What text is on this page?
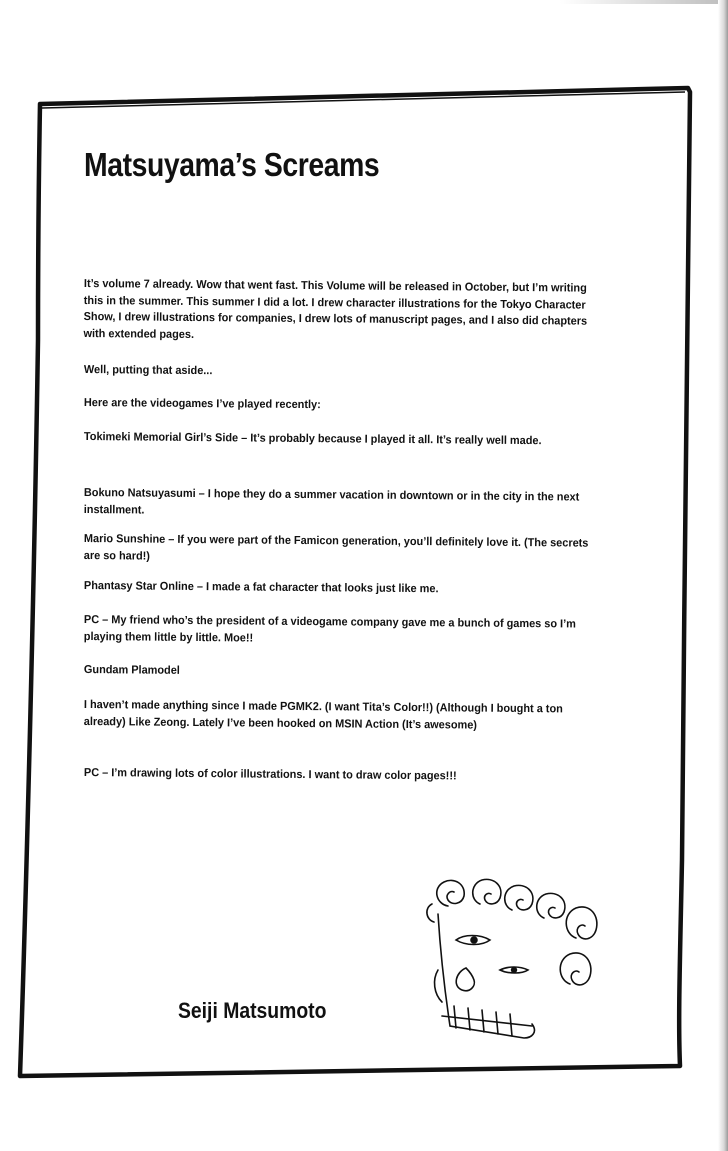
Matsuyama’s Screams

It’s volume 7 already. Wow that went fast. This Volume will be released in October, but I’m writing this in the summer. This summer I did a lot. I drew character illustrations for the Tokyo Character Show, I drew illustrations for companies, I drew lots of manuscript pages, and I also did chapters with extended pages.

Well, putting that aside...

Here are the videogames I’ve played recently:

Tokimeki Memorial Girl’s Side – It’s probably because I played it all. It’s really well made.

Bokuno Natsuyasumi – I hope they do a summer vacation in downtown or in the city in the next installment.

Mario Sunshine – If you were part of the Famicon generation, you’ll definitely love it. (The secrets are so hard!)

Phantasy Star Online – I made a fat character that looks just like me.

PC – My friend who’s the president of a videogame company gave me a bunch of games so I’m playing them little by little. Moe!!

Gundam Plamodel

I haven’t made anything since I made PGMK2. (I want Tita’s Color!!) (Although I bought a ton already) Like Zeong. Lately I’ve been hooked on MSIN Action (It’s awesome)

PC – I’m drawing lots of color illustrations. I want to draw color pages!!!

Seiji Matsumoto
